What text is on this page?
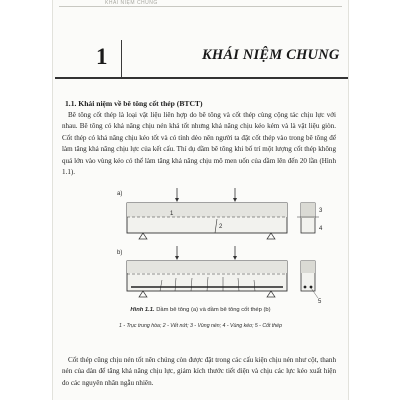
KHÁI NIỆM CHUNG
1	KHÁI NIỆM CHUNG
1.1. Khái niệm về bê tông cốt thép (BTCT)

Bê tông cốt thép là loại vật liệu liên hợp do bê tông và cốt thép cùng cộng tác chịu lực với nhau. Bê tông có khả năng chịu nén khá tốt nhưng khả năng chịu kéo kém và là vật liệu giòn. Cốt thép có khả năng chịu kéo tốt và có tính dẻo nên người ta đặt cốt thép vào trong bê tông để làm tăng khả năng chịu lực của kết cấu. Thí dụ dầm bê tông khi bố trí một lượng cốt thép không quá lớn vào vùng kéo có thể làm tăng khả năng chịu mô men uốn của dầm lên đến 20 lần (Hình 1.1).

a)
1
2
3
4
b)
5
Hình 1.1. Dầm bê tông (a) và dầm bê tông cốt thép (b)
1 - Trục trung hòa; 2 - Vết nứt; 3 - Vùng nén; 4 - Vùng kéo; 5 - Cốt thép

Cốt thép cũng chịu nén tốt nên chúng còn được đặt trong các cấu kiện chịu nén như cột, thanh nén của dàn để tăng khả năng chịu lực, giảm kích thước tiết diện và chịu các lực kéo xuất hiện do các nguyên nhân ngẫu nhiên.
